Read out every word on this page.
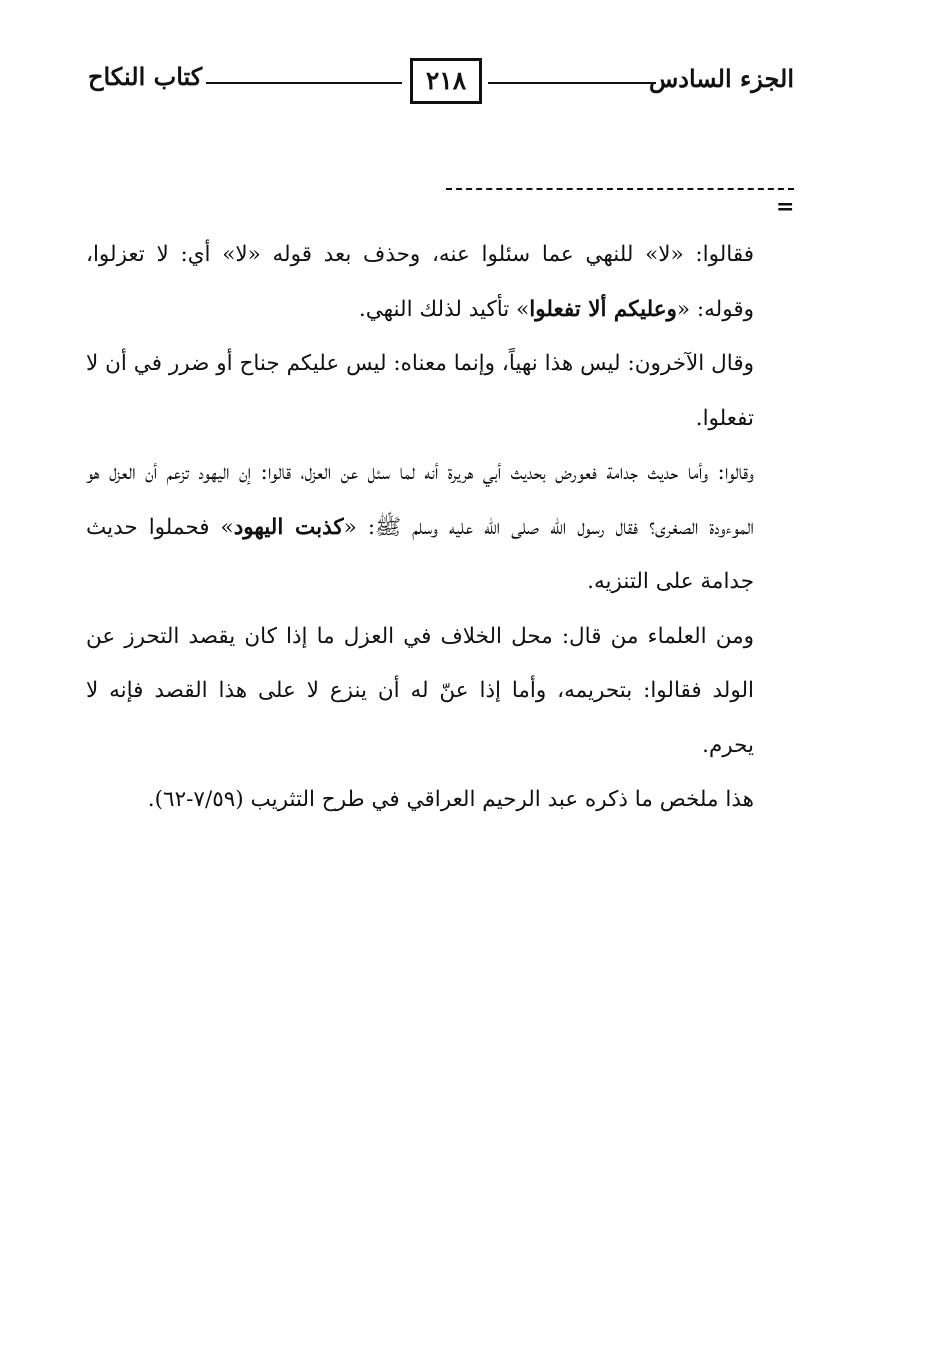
الجزء السادس
٢١٨
كتاب النكاح
=

فقالوا: «لا» للنهي عما سئلوا عنه، وحذف بعد قوله «لا» أي: لا تعزلوا، وقوله: «وعليكم ألا تفعلوا» تأكيد لذلك النهي.

وقال الآخرون: ليس هذا نهياً، وإنما معناه: ليس عليكم جناح أو ضرر في أن لا تفعلوا.

وقالوا: وأما حديث جدامة فعورض بحديث أبي هريرة أنه لما سئل عن العزل، قالوا: إن اليهود تزعم أن العزل هو الموءودة الصغرى؟ فقال رسول الله صلى الله عليه وسلم ﷺ: «كذبت اليهود» فحملوا حديث جدامة على التنزيه.

ومن العلماء من قال: محل الخلاف في العزل ما إذا كان يقصد التحرز عن الولد فقالوا: بتحريمه، وأما إذا عنّ له أن ينزع لا على هذا القصد فإنه لا يحرم.

هذا ملخص ما ذكره عبد الرحيم العراقي في طرح التثريب (٧/٥٩-٦٢).
